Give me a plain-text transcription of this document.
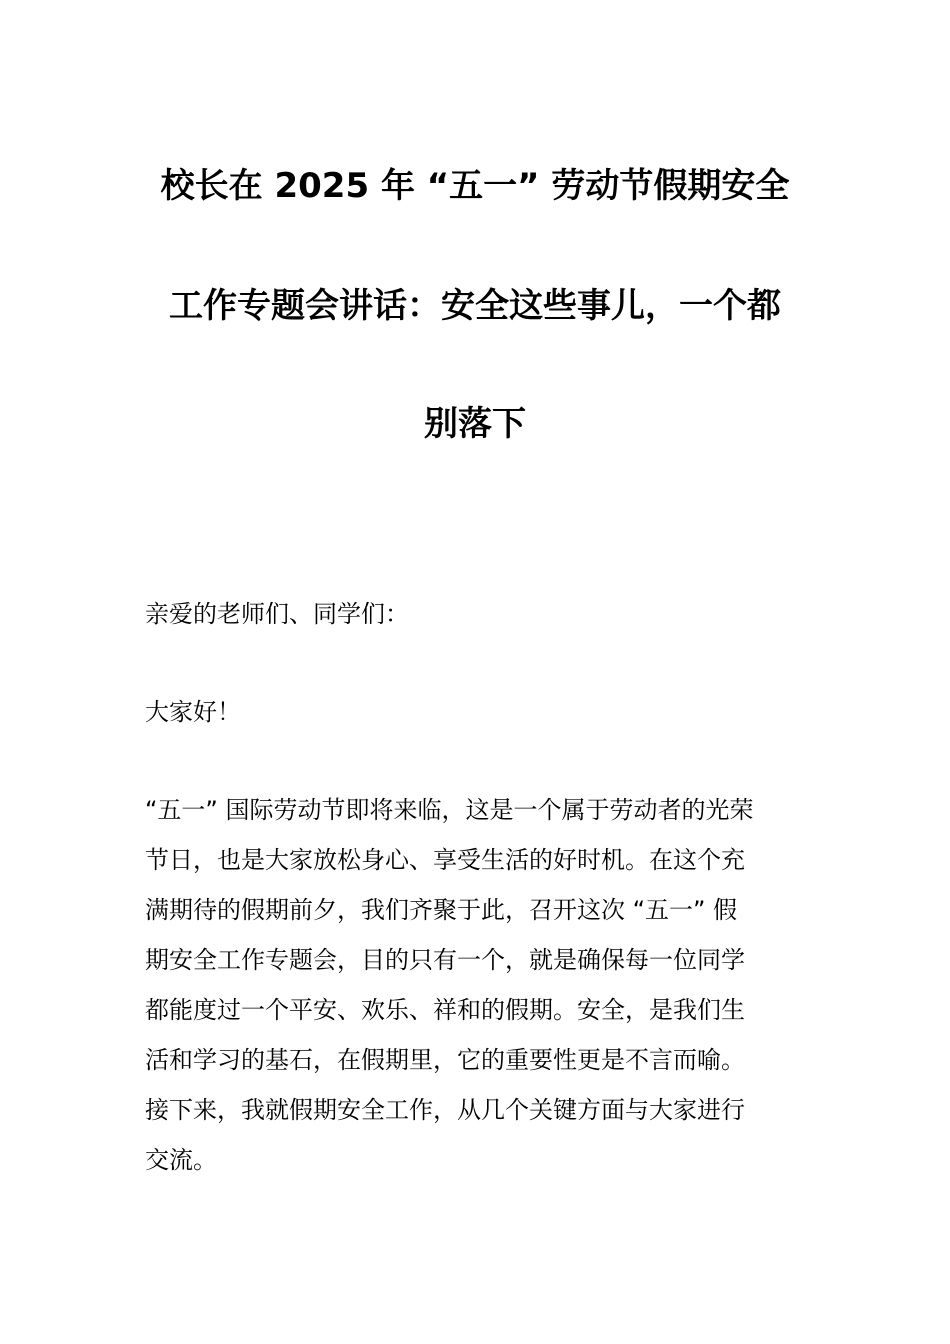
校长在 2025 年 “五一” 劳动节假期安全
工作专题会讲话：安全这些事儿，一个都
别落下
亲爱的老师们、同学们：
大家好！
“五一” 国际劳动节即将来临，这是一个属于劳动者的光荣
节日，也是大家放松身心、享受生活的好时机。在这个充
满期待的假期前夕，我们齐聚于此，召开这次 “五一” 假
期安全工作专题会，目的只有一个，就是确保每一位同学
都能度过一个平安、欢乐、祥和的假期。安全，是我们生
活和学习的基石，在假期里，它的重要性更是不言而喻。
接下来，我就假期安全工作，从几个关键方面与大家进行
交流。
